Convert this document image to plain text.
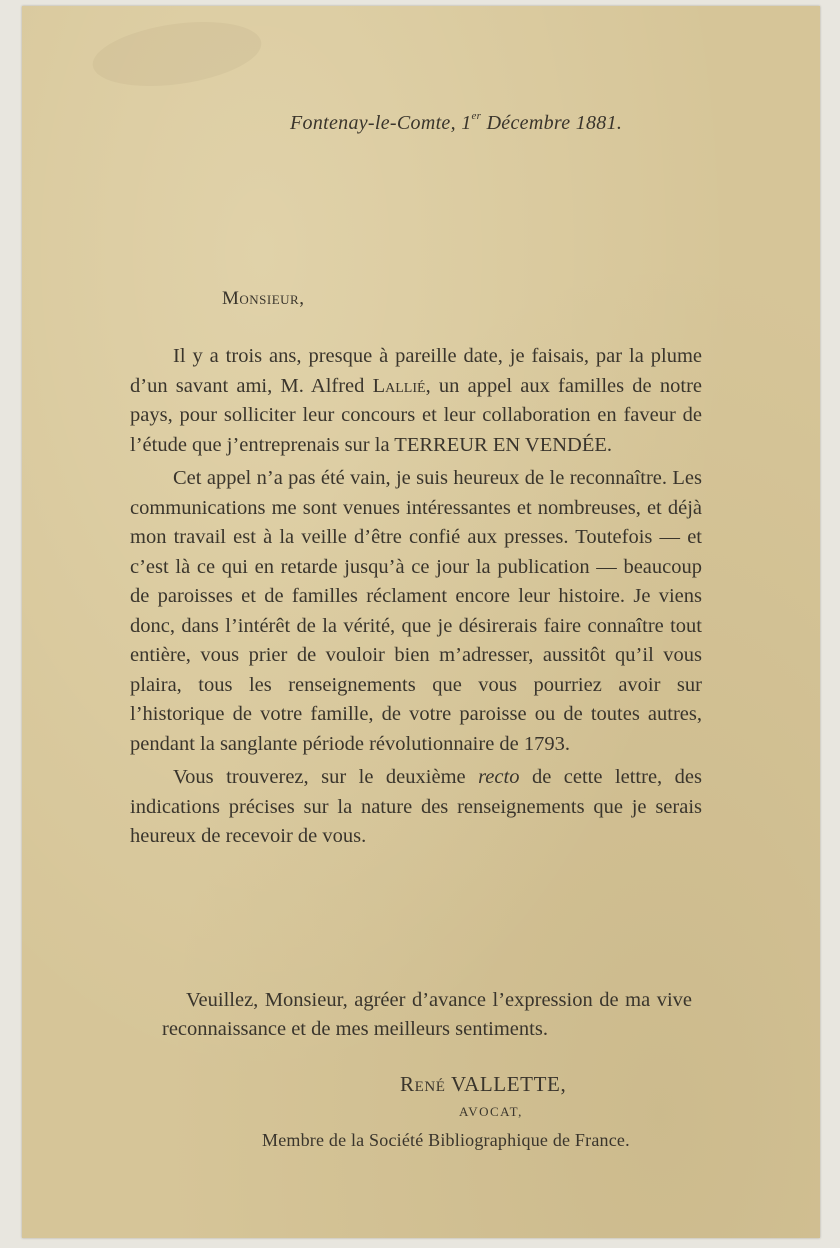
Fontenay-le-Comte, 1er Décembre 1881.
Monsieur,

Il y a trois ans, presque à pareille date, je faisais, par la plume d’un savant ami, M. Alfred Lallié, un appel aux familles de notre pays, pour solliciter leur concours et leur collaboration en faveur de l’étude que j’entreprenais sur la TERREUR EN VENDÉE.

Cet appel n’a pas été vain, je suis heureux de le reconnaître. Les communications me sont venues intéressantes et nombreuses, et déjà mon travail est à la veille d’être confié aux presses. Toutefois — et c’est là ce qui en retarde jusqu’à ce jour la publication — beaucoup de paroisses et de familles réclament encore leur histoire. Je viens donc, dans l’intérêt de la vérité, que je désirerais faire connaître tout entière, vous prier de vouloir bien m’adresser, aussitôt qu’il vous plaira, tous les renseignements que vous pourriez avoir sur l’historique de votre famille, de votre paroisse ou de toutes autres, pendant la sanglante période révolutionnaire de 1793.

Vous trouverez, sur le deuxième recto de cette lettre, des indications précises sur la nature des renseignements que je serais heureux de recevoir de vous.

Veuillez, Monsieur, agréer d’avance l’expression de ma vive reconnaissance et de mes meilleurs sentiments.

René VALLETTE,
AVOCAT,
Membre de la Société Bibliographique de France.
